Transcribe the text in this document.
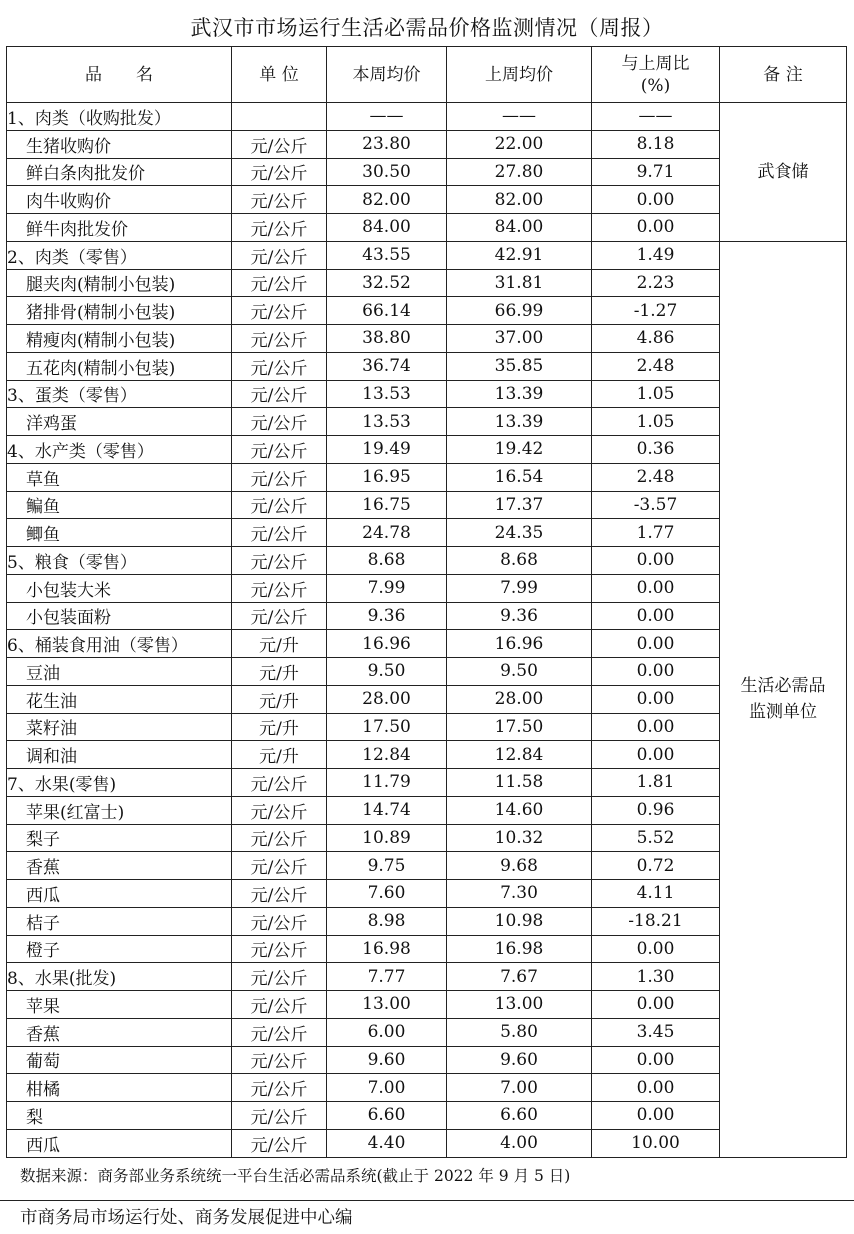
武汉市市场运行生活必需品价格监测情况（周报）
品　　名	单 位	本周均价	上周均价	与上周比
(%)	备 注
1、肉类（收购批发）		——	——	——	武食储
生猪收购价	元/公斤	23.80	22.00	8.18	
鲜白条肉批发价	元/公斤	30.50	27.80	9.71	
肉牛收购价	元/公斤	82.00	82.00	0.00	
鲜牛肉批发价	元/公斤	84.00	84.00	0.00	
2、肉类（零售）	元/公斤	43.55	42.91	1.49	生活必需品
监测单位
腿夹肉(精制小包装)	元/公斤	32.52	31.81	2.23	
猪排骨(精制小包装)	元/公斤	66.14	66.99	-1.27	
精瘦肉(精制小包装)	元/公斤	38.80	37.00	4.86	
五花肉(精制小包装)	元/公斤	36.74	35.85	2.48	
3、蛋类（零售）	元/公斤	13.53	13.39	1.05	
洋鸡蛋	元/公斤	13.53	13.39	1.05	
4、水产类（零售）	元/公斤	19.49	19.42	0.36	
草鱼	元/公斤	16.95	16.54	2.48	
鳊鱼	元/公斤	16.75	17.37	-3.57	
鲫鱼	元/公斤	24.78	24.35	1.77	
5、粮食（零售）	元/公斤	8.68	8.68	0.00	
小包装大米	元/公斤	7.99	7.99	0.00	
小包装面粉	元/公斤	9.36	9.36	0.00	
6、桶装食用油（零售）	元/升	16.96	16.96	0.00	
豆油	元/升	9.50	9.50	0.00	
花生油	元/升	28.00	28.00	0.00	
菜籽油	元/升	17.50	17.50	0.00	
调和油	元/升	12.84	12.84	0.00	
7、水果(零售)	元/公斤	11.79	11.58	1.81	
苹果(红富士)	元/公斤	14.74	14.60	0.96	
梨子	元/公斤	10.89	10.32	5.52	
香蕉	元/公斤	9.75	9.68	0.72	
西瓜	元/公斤	7.60	7.30	4.11	
桔子	元/公斤	8.98	10.98	-18.21	
橙子	元/公斤	16.98	16.98	0.00	
8、水果(批发)	元/公斤	7.77	7.67	1.30	
苹果	元/公斤	13.00	13.00	0.00	
香蕉	元/公斤	6.00	5.80	3.45	
葡萄	元/公斤	9.60	9.60	0.00	
柑橘	元/公斤	7.00	7.00	0.00	
梨	元/公斤	6.60	6.60	0.00	
西瓜	元/公斤	4.40	4.00	10.00	
数据来源：商务部业务系统统一平台生活必需品系统(截止于 2022 年 9 月 5 日)
市商务局市场运行处、商务发展促进中心编
